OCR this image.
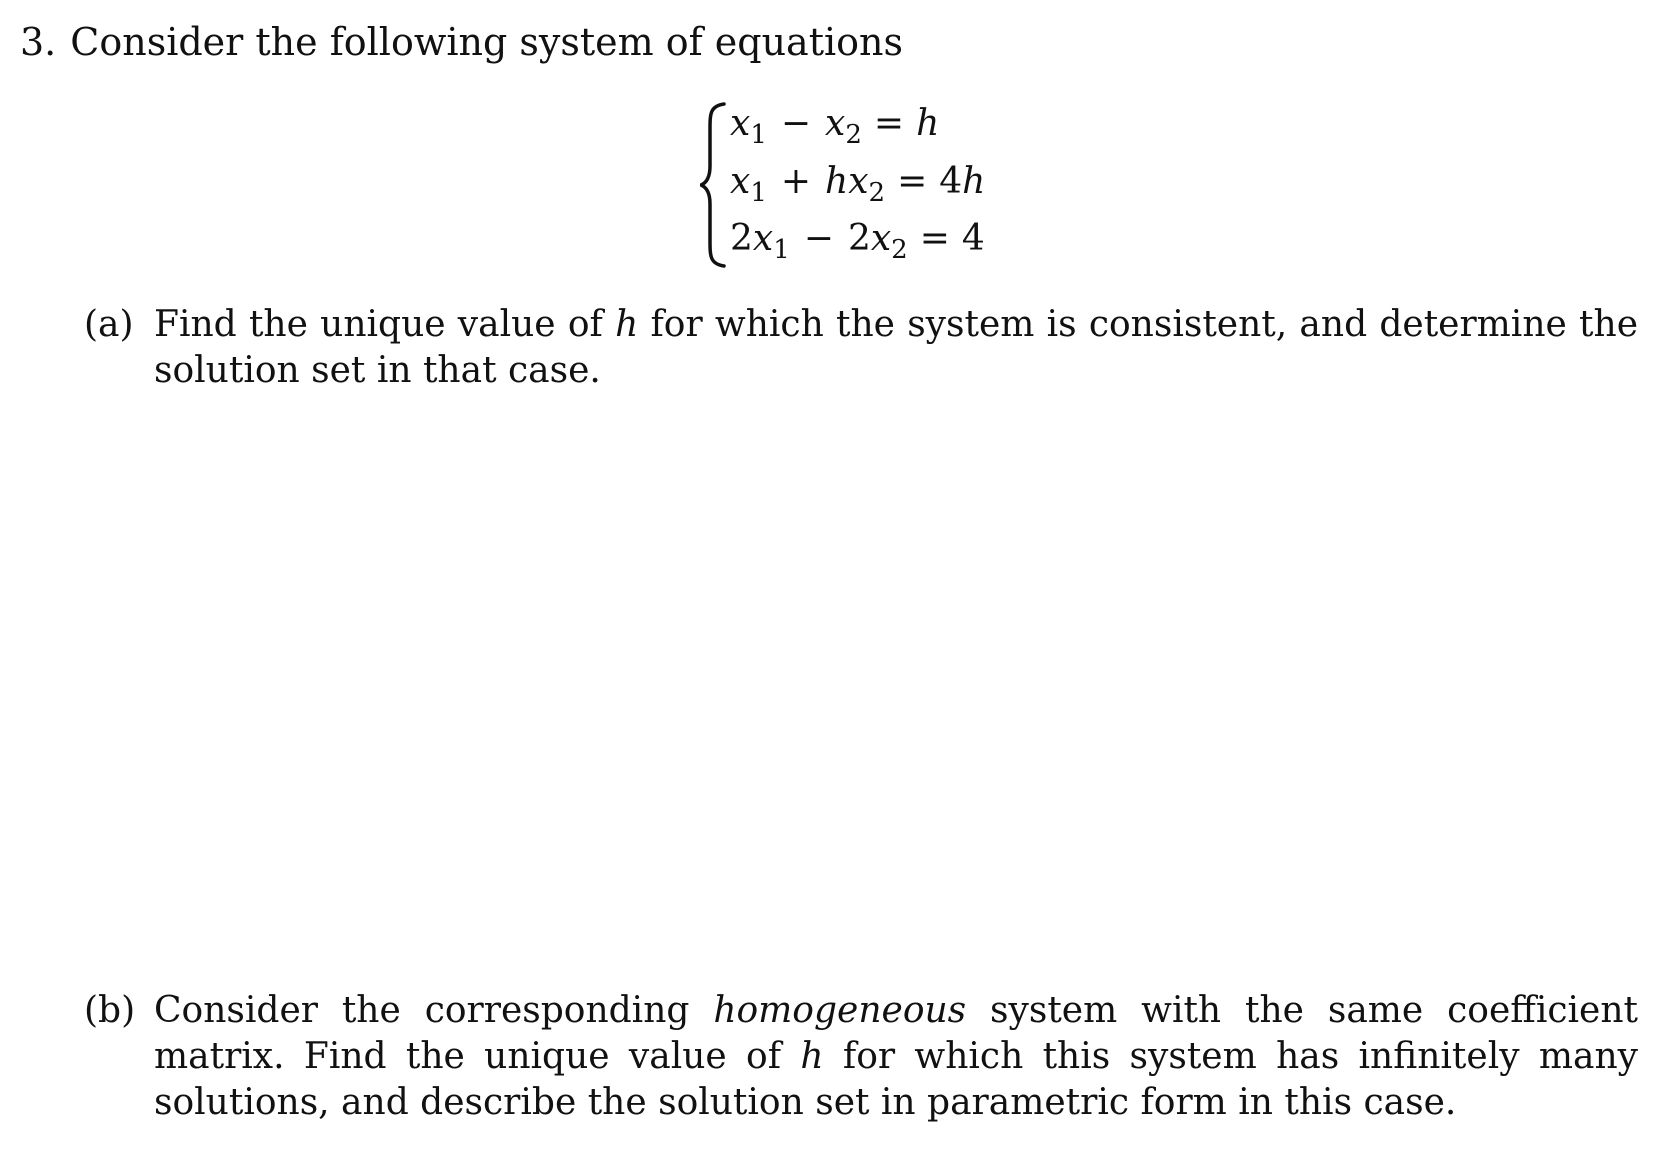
3. Consider the following system of equations
$x_1 - x_2 = h$
$x_1 + hx_2 = 4h$
$2x_1 - 2x_2 = 4$
(a) Find the unique value of h for which the system is consistent, and determine the solution set in that case.
(b) Consider the corresponding homogeneous system with the same coefficient matrix. Find the unique value of h for which this system has infinitely many solutions, and describe the solution set in parametric form in this case.
